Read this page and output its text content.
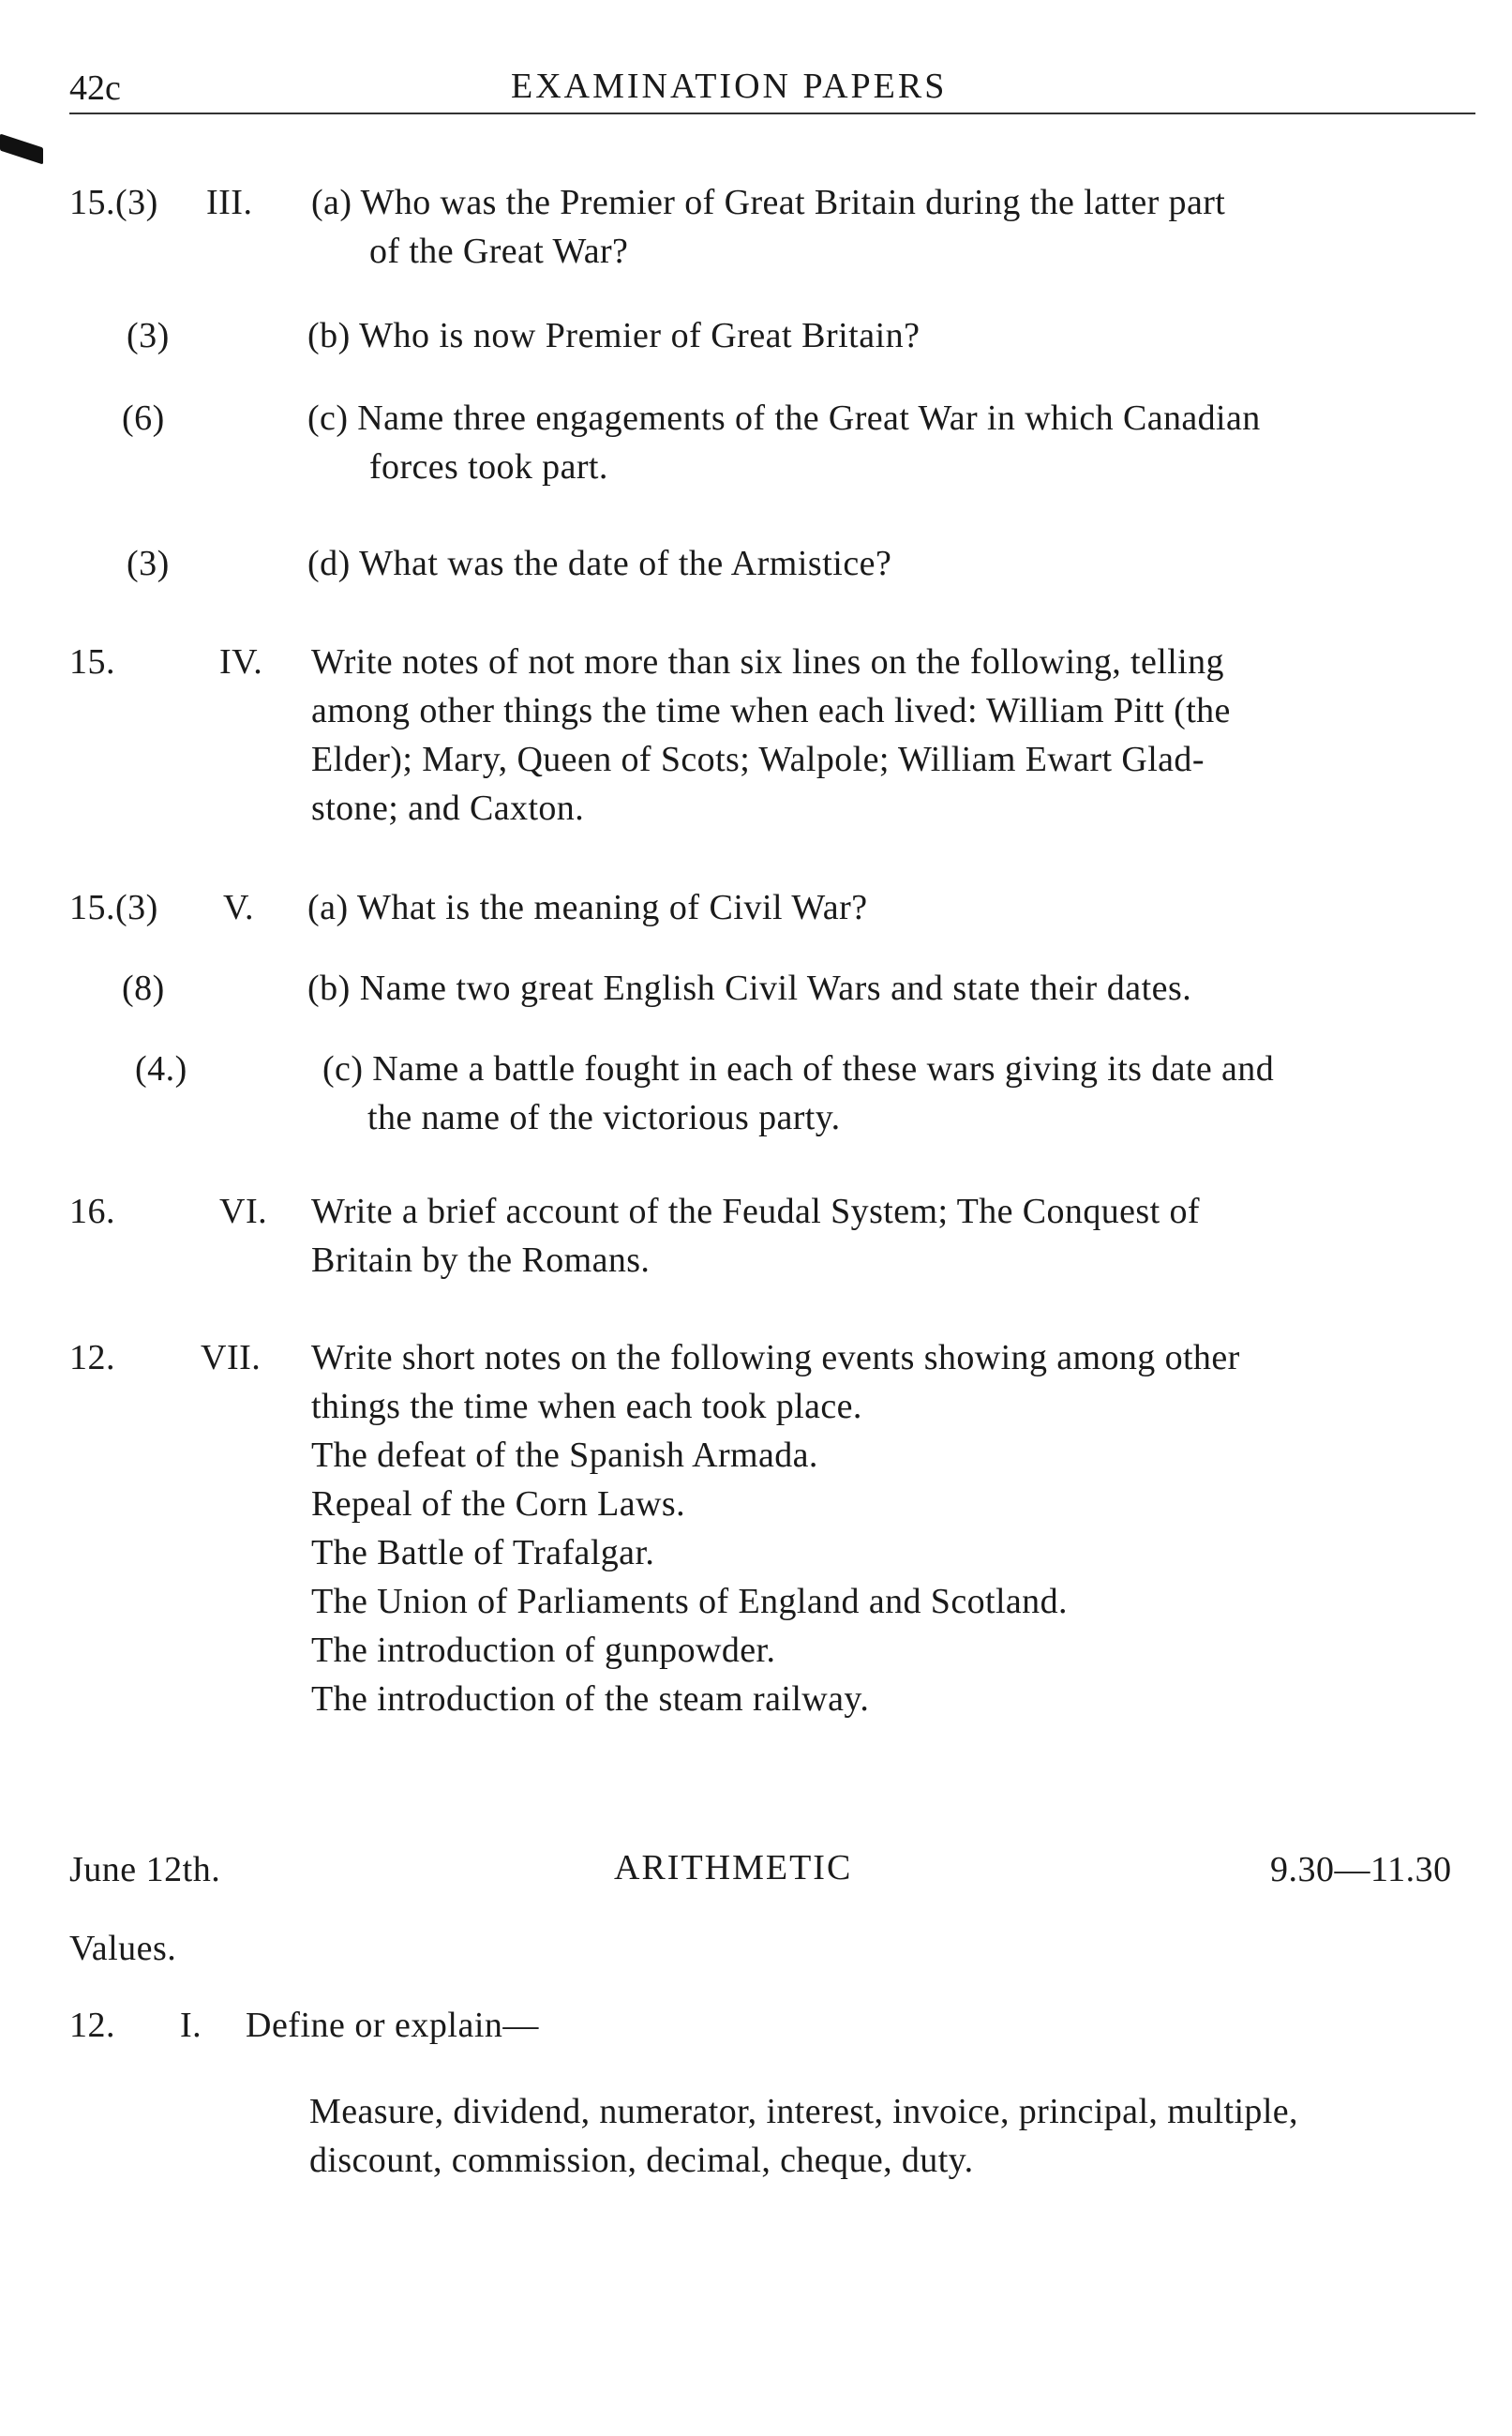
42c	EXAMINATION PAPERS
15.(3) III. (a) Who was the Premier of Great Britain during the latter part
of the Great War?
(3)	(b) Who is now Premier of Great Britain?
(6)	(c) Name three engagements of the Great War in which Canadian
forces took part.
(3)	(d) What was the date of the Armistice?
15.	IV. Write notes of not more than six lines on the following, telling
among other things the time when each lived: William Pitt (the
Elder); Mary, Queen of Scots; Walpole; William Ewart Glad-
stone; and Caxton.
15.(3) V. (a) What is the meaning of Civil War?
(8)	(b) Name two great English Civil Wars and state their dates.
(4.)	(c) Name a battle fought in each of these wars giving its date and
the name of the victorious party.
16.	VI. Write a brief account of the Feudal System; The Conquest of
Britain by the Romans.
12. VII. Write short notes on the following events showing among other
things the time when each took place.
The defeat of the Spanish Armada.
Repeal of the Corn Laws.
The Battle of Trafalgar.
The Union of Parliaments of England and Scotland.
The introduction of gunpowder.
The introduction of the steam railway.
June 12th.	ARITHMETIC	9.30—11.30
Values.
12. I. Define or explain—
Measure, dividend, numerator, interest, invoice, principal, multiple,
discount, commission, decimal, cheque, duty.
